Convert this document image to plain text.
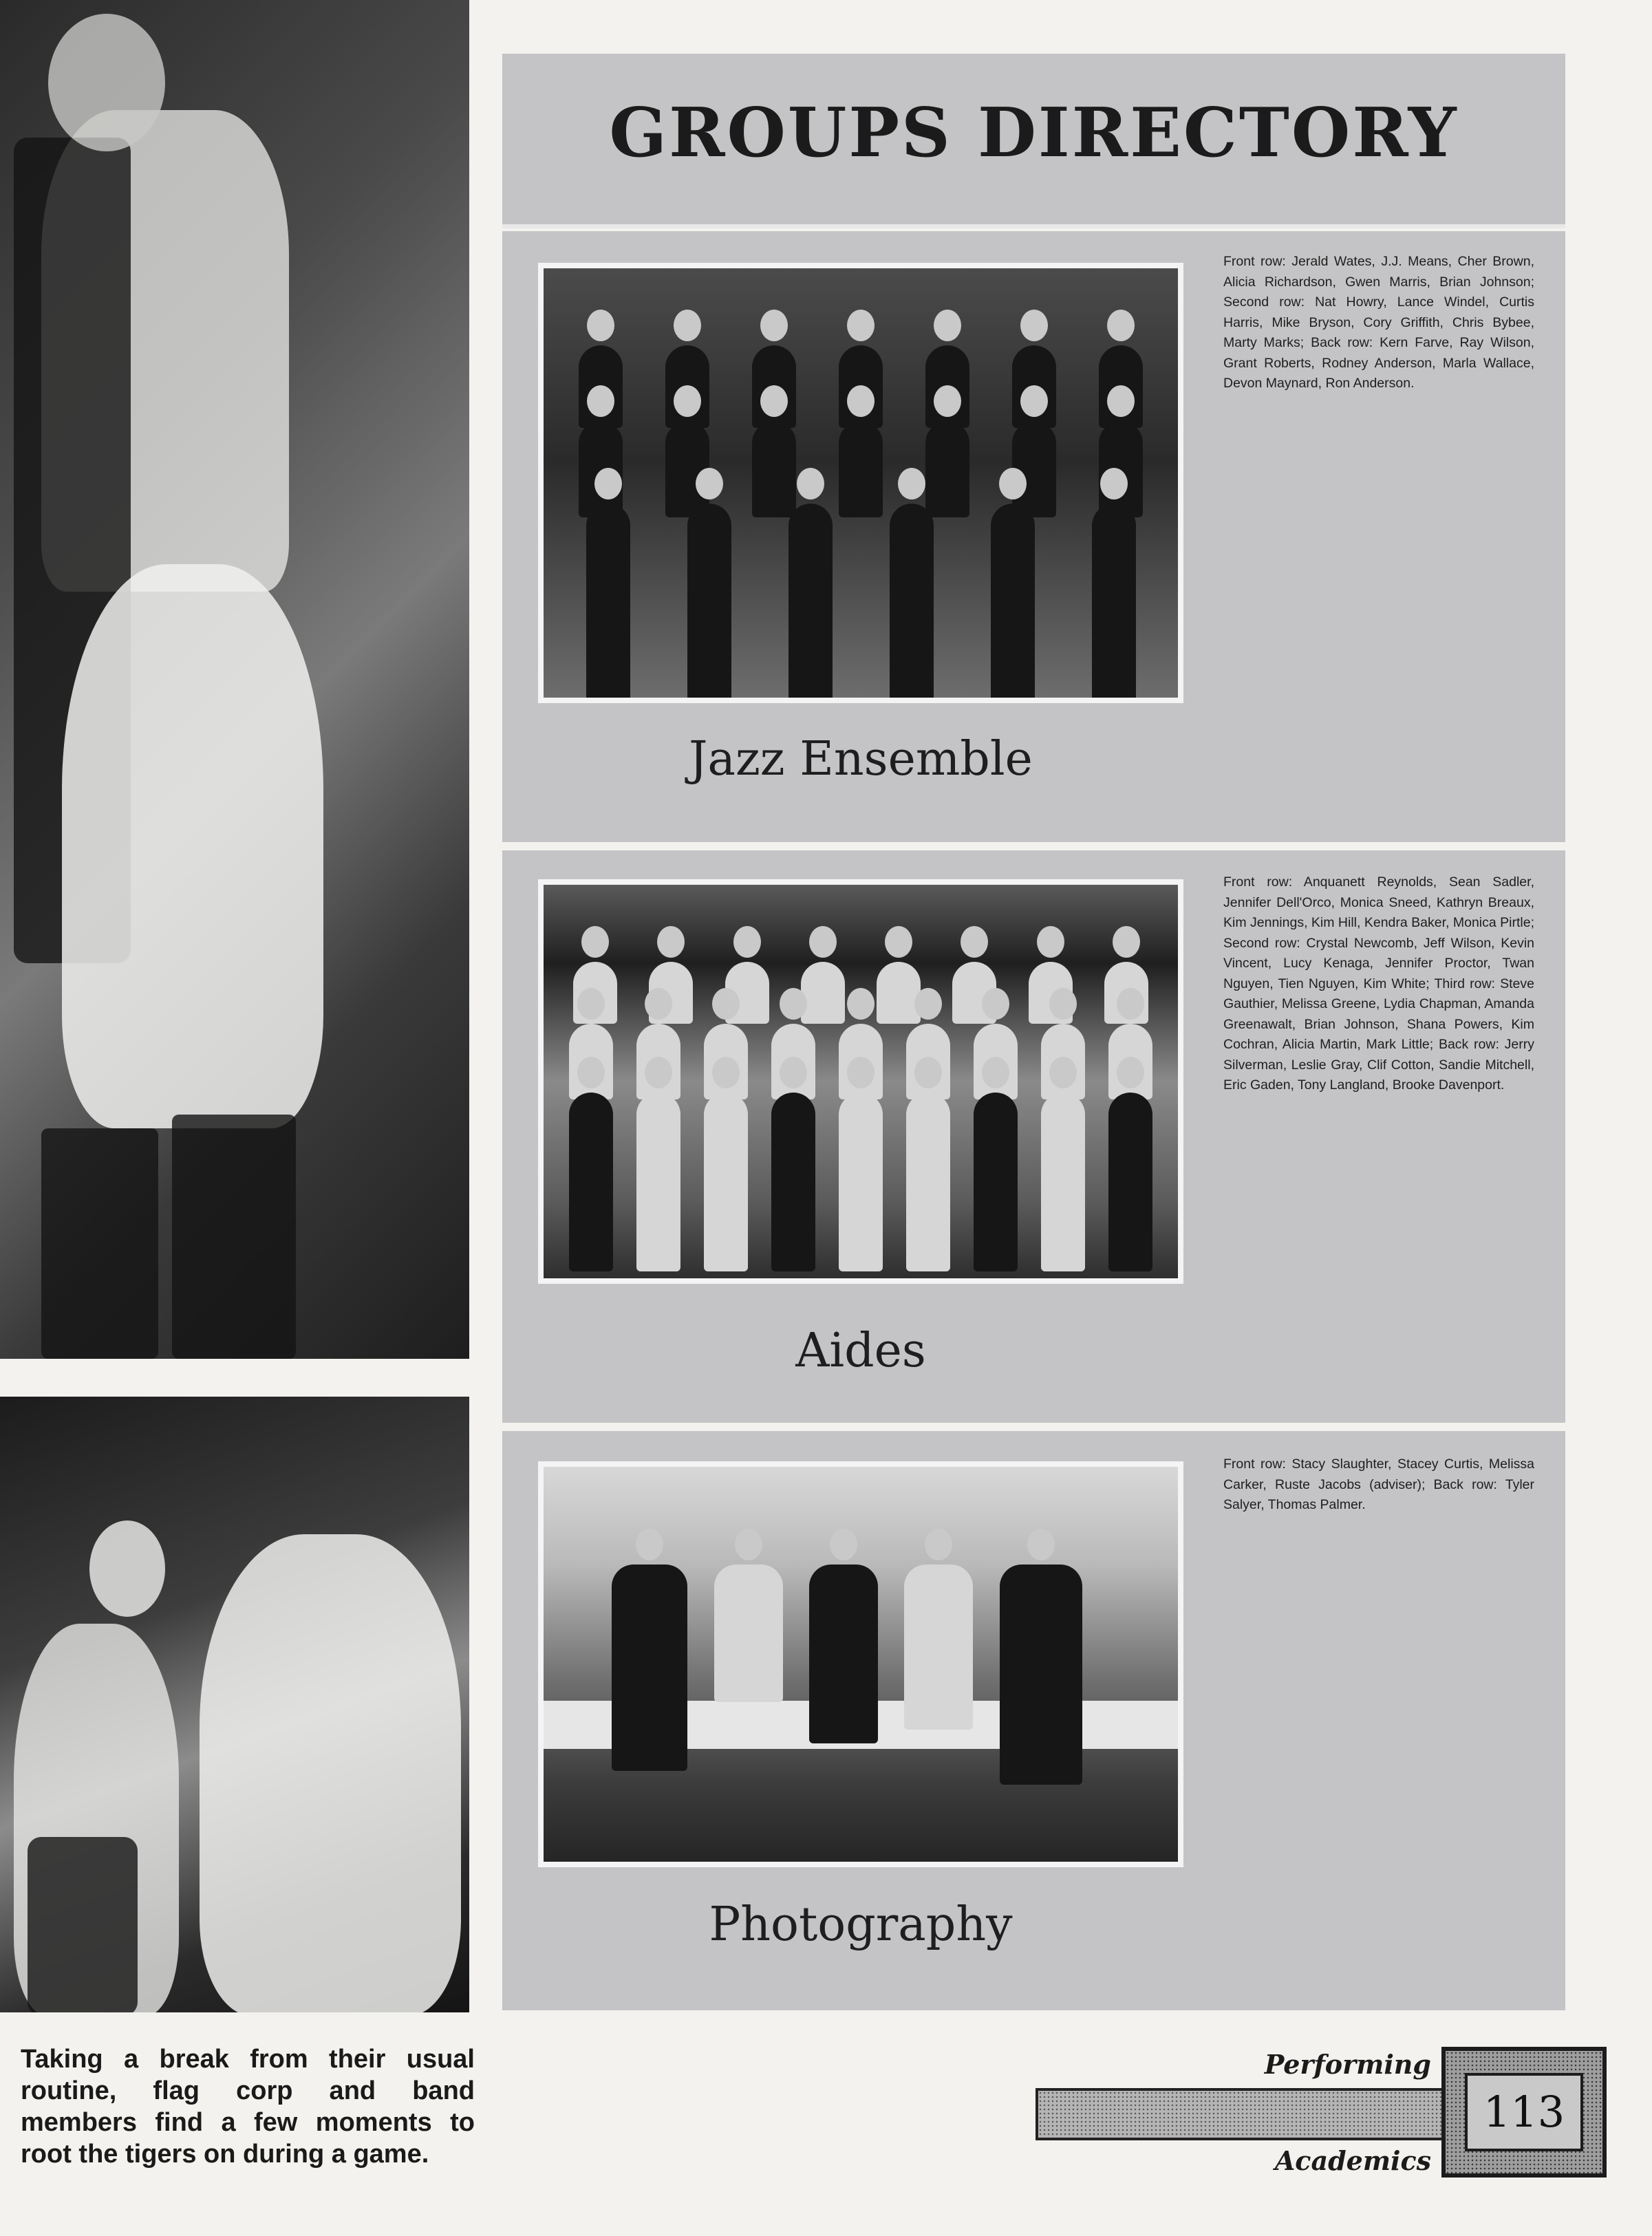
Taking a break from their usual routine, flag corp and band members find a few moments to root the tigers on during a game.
GROUPS DIRECTORY
Front row: Jerald Wates, J.J. Means, Cher Brown, Alicia Richardson, Gwen Marris, Brian Johnson; Second row: Nat Howry, Lance Windel, Curtis Harris, Mike Bryson, Cory Griffith, Chris Bybee, Marty Marks; Back row: Kern Farve, Ray Wilson, Grant Roberts, Rodney Anderson, Marla Wallace, Devon Maynard, Ron Anderson.
Jazz Ensemble
Front row: Anquanett Reynolds, Sean Sadler, Jennifer Dell'Orco, Monica Sneed, Kathryn Breaux, Kim Jennings, Kim Hill, Kendra Baker, Monica Pirtle; Second row: Crystal Newcomb, Jeff Wilson, Kevin Vincent, Lucy Kenaga, Jennifer Proctor, Twan Nguyen, Tien Nguyen, Kim White; Third row: Steve Gauthier, Melissa Greene, Lydia Chapman, Amanda Greenawalt, Brian Johnson, Shana Powers, Kim Cochran, Alicia Martin, Mark Little; Back row: Jerry Silverman, Leslie Gray, Clif Cotton, Sandie Mitchell, Eric Gaden, Tony Langland, Brooke Davenport.
Aides
Front row: Stacy Slaughter, Stacey Curtis, Melissa Carker, Ruste Jacobs (adviser); Back row: Tyler Salyer, Thomas Palmer.
Photography
Performing
113
Academics
